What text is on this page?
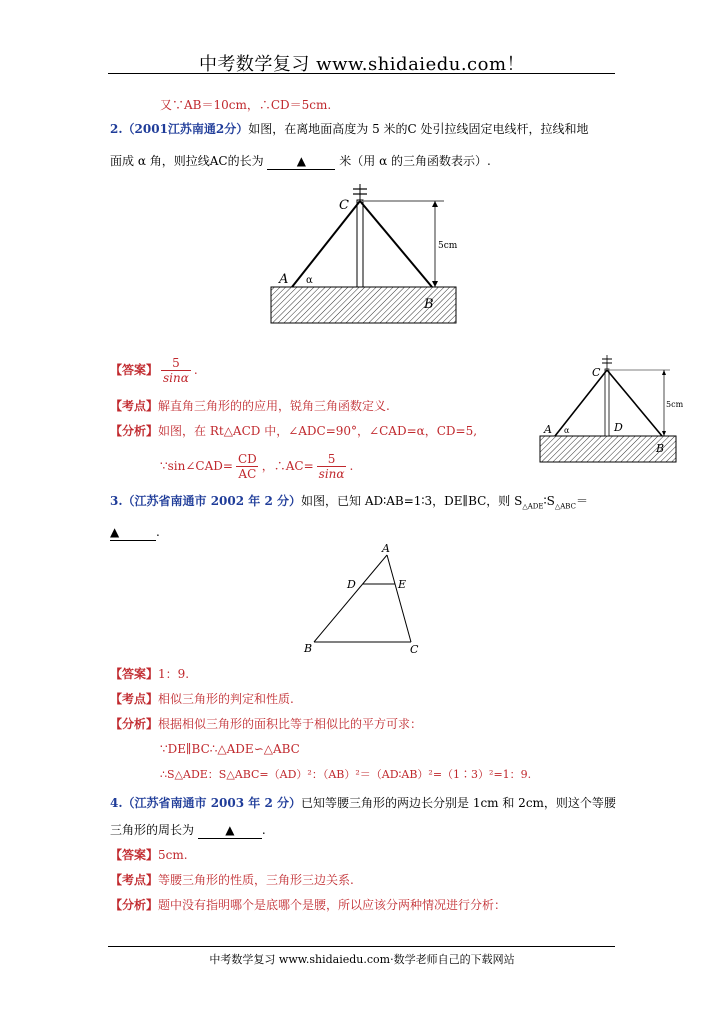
中考数学复习 www.shidaiedu.com！
又∵AB＝10cm，∴CD＝5cm.
2.（2001江苏南通2分）如图，在离地面高度为 5 米的C 处引拉线固定电线杆，拉线和地
面成 α 角，则拉线AC的长为	▲	米（用 α 的三角函数表示）.
C
A α
B
5cm
【答案】 $\frac{5}{\sin\alpha}$ .
【考点】解直角三角形的的应用，锐角三角函数定义.
【分析】如图，在 Rt△ACD 中，∠ADC=90°，∠CAD=α，CD=5,
∵sin∠CAD= $\frac{CD}{AC}$ ，∴AC= $\frac{5}{\sin\alpha}$ .
C
A α	D
B
5cm
3.（江苏省南通市 2002 年 2 分）如图，已知 AD∶AB=1∶3，DE∥BC，则 $S_{\triangle ADE}∶S_{\triangle ABC}=$
▲	.
A
D	E
B	C
【答案】1：9.
【考点】相似三角形的判定和性质.
【分析】根据相似三角形的面积比等于相似比的平方可求：
∵DE∥BC∴△ADE∽△ABC
∴S△ADE：S△ABC=（AD）²：（AB）²＝（AD∶AB）²=（1∶3）²=1：9.
4.（江苏省南通市 2003 年 2 分）已知等腰三角形的两边长分别是 1cm 和 2cm，则这个等腰
三角形的周长为	▲ .
【答案】5cm.
【考点】等腰三角形的性质，三角形三边关系.
【分析】题中没有指明哪个是底哪个是腰，所以应该分两种情况进行分析：
中考数学复习 www.shidaiedu.com·数学老师自己的下载网站
